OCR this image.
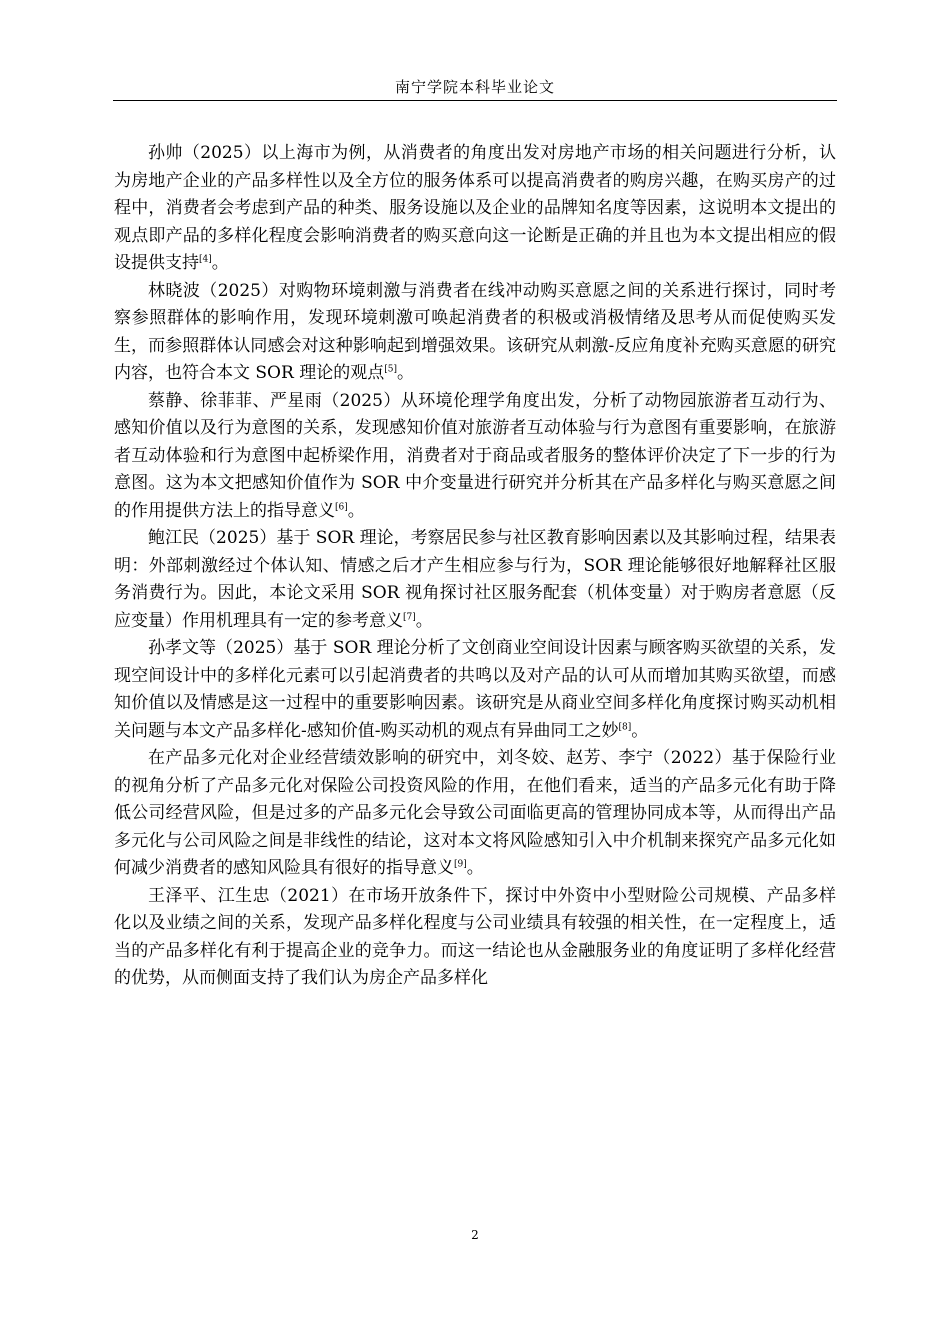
南宁学院本科毕业论文

孙帅（2025）以上海市为例，从消费者的角度出发对房地产市场的相关问题进行分析，认为房地产企业的产品多样性以及全方位的服务体系可以提高消费者的购房兴趣，在购买房产的过程中，消费者会考虑到产品的种类、服务设施以及企业的品牌知名度等因素，这说明本文提出的观点即产品的多样化程度会影响消费者的购买意向这一论断是正确的并且也为本文提出相应的假设提供支持[4]。

林晓波（2025）对购物环境刺激与消费者在线冲动购买意愿之间的关系进行探讨，同时考察参照群体的影响作用，发现环境刺激可唤起消费者的积极或消极情绪及思考从而促使购买发生，而参照群体认同感会对这种影响起到增强效果。该研究从刺激-反应角度补充购买意愿的研究内容，也符合本文 SOR 理论的观点[5]。

蔡静、徐菲菲、严星雨（2025）从环境伦理学角度出发，分析了动物园旅游者互动行为、感知价值以及行为意图的关系，发现感知价值对旅游者互动体验与行为意图有重要影响，在旅游者互动体验和行为意图中起桥梁作用，消费者对于商品或者服务的整体评价决定了下一步的行为意图。这为本文把感知价值作为 SOR 中介变量进行研究并分析其在产品多样化与购买意愿之间的作用提供方法上的指导意义[6]。

鲍江民（2025）基于 SOR 理论，考察居民参与社区教育影响因素以及其影响过程，结果表明：外部刺激经过个体认知、情感之后才产生相应参与行为，SOR 理论能够很好地解释社区服务消费行为。因此，本论文采用 SOR 视角探讨社区服务配套（机体变量）对于购房者意愿（反应变量）作用机理具有一定的参考意义[7]。

孙孝文等（2025）基于 SOR 理论分析了文创商业空间设计因素与顾客购买欲望的关系，发现空间设计中的多样化元素可以引起消费者的共鸣以及对产品的认可从而增加其购买欲望，而感知价值以及情感是这一过程中的重要影响因素。该研究是从商业空间多样化角度探讨购买动机相关问题与本文产品多样化-感知价值-购买动机的观点有异曲同工之妙[8]。

在产品多元化对企业经营绩效影响的研究中，刘冬姣、赵芳、李宁（2022）基于保险行业的视角分析了产品多元化对保险公司投资风险的作用，在他们看来，适当的产品多元化有助于降低公司经营风险，但是过多的产品多元化会导致公司面临更高的管理协同成本等，从而得出产品多元化与公司风险之间是非线性的结论，这对本文将风险感知引入中介机制来探究产品多元化如何减少消费者的感知风险具有很好的指导意义[9]。

王泽平、江生忠（2021）在市场开放条件下，探讨中外资中小型财险公司规模、产品多样化以及业绩之间的关系，发现产品多样化程度与公司业绩具有较强的相关性，在一定程度上，适当的产品多样化有利于提高企业的竞争力。而这一结论也从金融服务业的角度证明了多样化经营的优势，从而侧面支持了我们认为房企产品多样化

2
